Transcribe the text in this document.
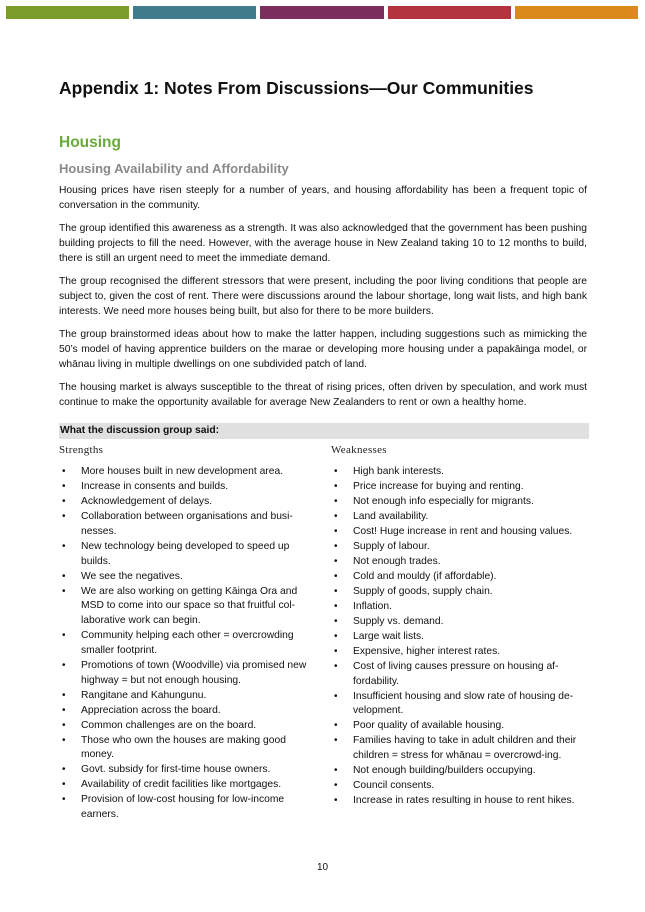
Appendix 1: Notes From Discussions—Our Communities
Housing
Housing Availability and Affordability

Housing prices have risen steeply for a number of years, and housing affordability has been a frequent topic of conversation in the community.

The group identified this awareness as a strength. It was also acknowledged that the government has been pushing building projects to fill the need. However, with the average house in New Zealand taking 10 to 12 months to build, there is still an urgent need to meet the immediate demand.

The group recognised the different stressors that were present, including the poor living conditions that people are subject to, given the cost of rent. There were discussions around the labour shortage, long wait lists, and high bank interests. We need more houses being built, but also for there to be more builders.

The group brainstormed ideas about how to make the latter happen, including suggestions such as mimicking the 50’s model of having apprentice builders on the marae or developing more housing under a papakāinga model, or whānau living in multiple dwellings on one subdivided patch of land.

The housing market is always susceptible to the threat of rising prices, often driven by speculation, and work must continue to make the opportunity available for average New Zealanders to rent or own a healthy home.

What the discussion group said:
Strengths
• More houses built in new development area.
• Increase in consents and builds.
• Acknowledgement of delays.
• Collaboration between organisations and busi-nesses.
• New technology being developed to speed up builds.
• We see the negatives.
• We are also working on getting Kāinga Ora and MSD to come into our space so that fruitful col-laborative work can begin.
• Community helping each other = overcrowding smaller footprint.
• Promotions of town (Woodville) via promised new highway = but not enough housing.
• Rangitane and Kahungunu.
• Appreciation across the board.
• Common challenges are on the board.
• Those who own the houses are making good money.
• Govt. subsidy for first-time house owners.
• Availability of credit facilities like mortgages.
• Provision of low-cost housing for low-income earners.
Weaknesses
• High bank interests.
• Price increase for buying and renting.
• Not enough info especially for migrants.
• Land availability.
• Cost! Huge increase in rent and housing values.
• Supply of labour.
• Not enough trades.
• Cold and mouldy (if affordable).
• Supply of goods, supply chain.
• Inflation.
• Supply vs. demand.
• Large wait lists.
• Expensive, higher interest rates.
• Cost of living causes pressure on housing af-fordability.
• Insufficient housing and slow rate of housing de-velopment.
• Poor quality of available housing.
• Families having to take in adult children and their children = stress for whānau = overcrowd-ing.
• Not enough building/builders occupying.
• Council consents.
• Increase in rates resulting in house to rent hikes.
10
